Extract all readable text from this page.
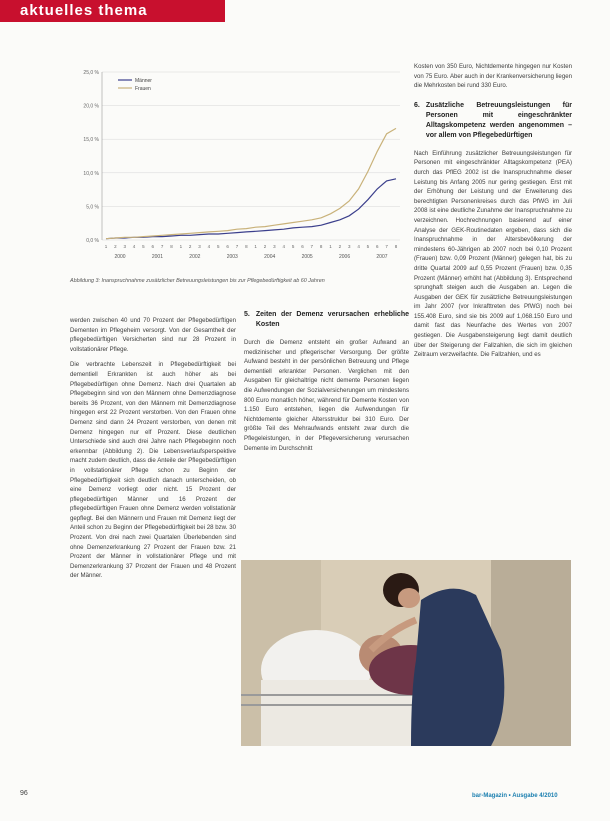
aktuelles thema
0,0 %
5,0 %
10,0 %
15,0 %
20,0 %
25,0 %
1 2 3 4 5 6 7 8 1 2 3 4 5 6 7 8 1 2 3 4 5 6 7 8 1 2 3 4 5 6 7 8
2000	2001	2002	2003	2004	2005	2006	2007
Männer
Frauen
Abbildung 3: Inanspruchnahme zusätzlicher Betreuungsleistungen bis zur Pflegebedürftigkeit ab 60 Jahren

werden zwischen 40 und 70 Prozent der Pflegebedürftigen Dementen im Pflegeheim versorgt. Von der Gesamtheit der pflegebedürftigen Versicherten sind nur 28 Prozent in vollstationärer Pflege.

Die verbrachte Lebenszeit in Pflegebedürftigkeit bei dementiell Erkrankten ist auch höher als bei Pflegebedürftigen ohne Demenz. Nach drei Quartalen ab Pflegebeginn sind von den Männern ohne Demenzdiagnose bereits 36 Prozent, von den Männern mit Demenzdiagnose hingegen erst 22 Prozent verstorben. Von den Frauen ohne Demenz sind dann 24 Prozent verstorben, von denen mit Demenz hingegen nur elf Prozent. Diese deutlichen Unterschiede sind auch drei Jahre nach Pflegebeginn noch erkennbar (Abbildung 2). Die Lebensverlaufsperspektive macht zudem deutlich, dass die Anteile der Pflegebedürftigen in vollstationärer Pflege schon zu Beginn der Pflegebedürftigkeit sich deutlich danach unterscheiden, ob eine Demenz vorliegt oder nicht. 15 Prozent der pflegebedürftigen Männer und 16 Prozent der pflegebedürftigen Frauen ohne Demenz werden vollstationär gepflegt. Bei den Männern und Frauen mit Demenz liegt der Anteil schon zu Beginn der Pflegebedürftigkeit bei 28 bzw. 30 Prozent. Von drei nach zwei Quartalen Überlebenden sind ohne Demenzerkrankung 27 Prozent der Frauen bzw. 21 Prozent der Männer in vollstationärer Pflege und mit Demenzerkrankung 37 Prozent der Frauen und 48 Prozent der Männer.

5. Zeiten der Demenz verursachen erhebliche Kosten

Durch die Demenz entsteht ein großer Aufwand an medizinischer und pflegerischer Versorgung. Der größte Aufwand besteht in der persönlichen Betreuung und Pflege dementiell erkrankter Personen. Verglichen mit den Ausgaben für gleichaltrige nicht demente Personen liegen die Aufwendungen der Sozialversicherungen um mindestens 800 Euro monatlich höher, während für Demente Kosten von 1.150 Euro entstehen, liegen die Aufwendungen für Nichtdemente gleicher Altersstruktur bei 310 Euro. Der größte Teil des Mehraufwands entsteht zwar durch die Pflegeleistungen, in der Pflegeversicherung verursachen Demente im Durchschnitt

Kosten von 350 Euro, Nichtdemente hingegen nur Kosten von 75 Euro. Aber auch in der Krankenversicherung liegen die Mehrkosten bei rund 330 Euro.

6. Zusätzliche Betreuungsleistungen für Personen mit eingeschränkter Alltagskompetenz werden angenommen – vor allem von Pflegebedürftigen

Nach Einführung zusätzlicher Betreuungsleistungen für Personen mit eingeschränkter Alltagskompetenz (PEA) durch das PflEG 2002 ist die Inanspruchnahme dieser Leistung bis Anfang 2005 nur gering gestiegen. Erst mit der Erhöhung der Leistung und der Erweiterung des berechtigten Personenkreises durch das PfWG im Juli 2008 ist eine deutliche Zunahme der Inanspruchnahme zu verzeichnen. Hochrechnungen basierend auf einer Analyse der GEK-Routinedaten ergeben, dass sich die Inanspruchnahme in der Altersbevölkerung der mindestens 60-Jährigen ab 2007 noch bei 0,10 Prozent (Frauen) bzw. 0,09 Prozent (Männer) gelegen hat, bis zu dritte Quartal 2009 auf 0,55 Prozent (Frauen) bzw. 0,35 Prozent (Männer) erhöht hat (Abbildung 3). Entsprechend sprunghaft steigen auch die Ausgaben an. Legen die Ausgaben der GEK für zusätzliche Betreuungsleistungen im Jahr 2007 (vor Inkrafttreten des PfWG) noch bei 155.408 Euro, sind sie bis 2009 auf 1,068.150 Euro und damit fast das Neunfache des Wertes von 2007 gestiegen. Die Ausgabensteigerung liegt damit deutlich über der Steigerung der Fallzahlen, die sich im gleichen Zeitraum verzweifachte. Die Fallzahlen, und es

96	bar-Magazin • Ausgabe 4/2010
